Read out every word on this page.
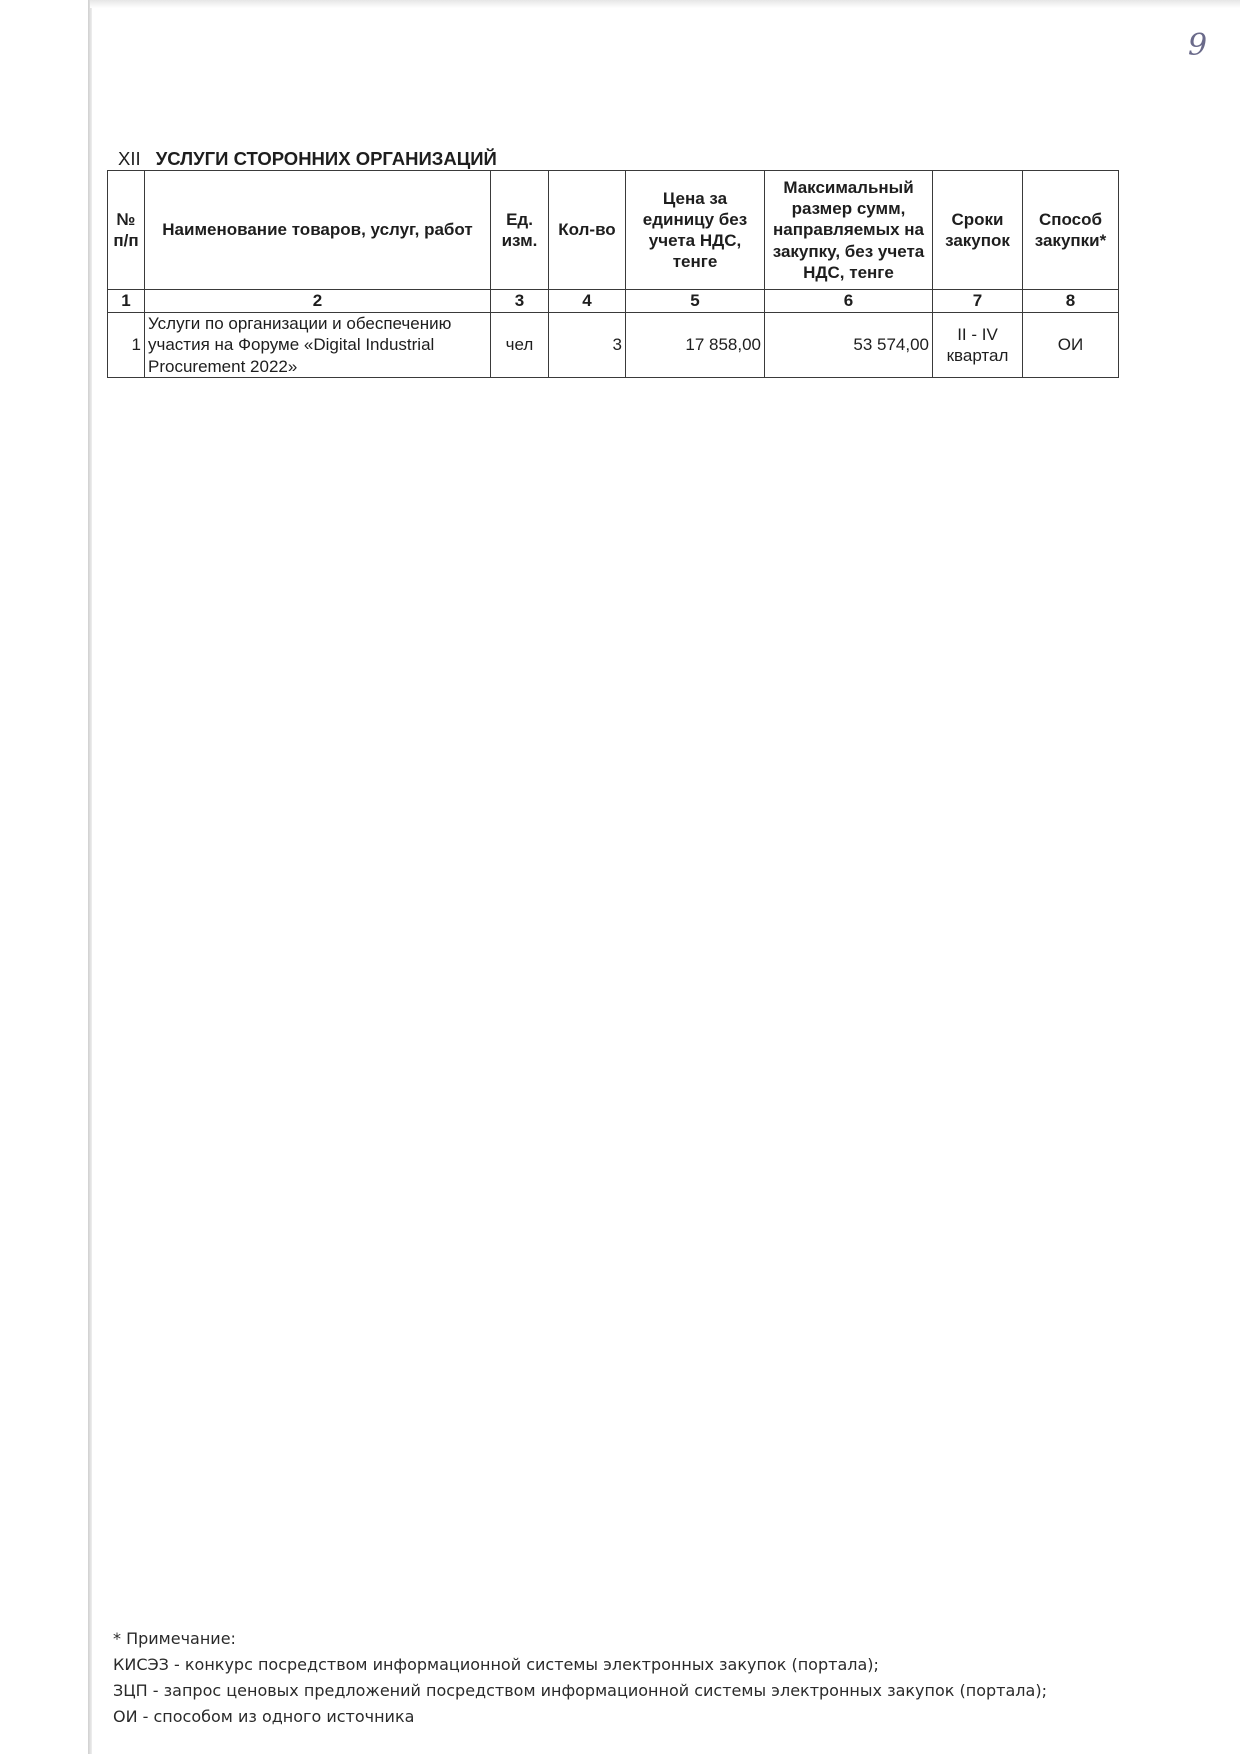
9
XII УСЛУГИ СТОРОННИХ ОРГАНИЗАЦИЙ
№ п/п	Наименование товаров, услуг, работ	Ед. изм.	Кол-во	Цена за единицу без учета НДС, тенге	Максимальный размер сумм, направляемых на закупку, без учета НДС, тенге	Сроки закупок	Способ закупки*
1	2	3	4	5	6	7	8
1	Услуги по организации и обеспечению участия на Форуме «Digital Industrial Procurement 2022»	чел	3	17 858,00	53 574,00	II - IV квартал	ОИ
* Примечание:
КИСЭЗ - конкурс посредством информационной системы электронных закупок (портала);
ЗЦП - запрос ценовых предложений посредством информационной системы электронных закупок (портала);
ОИ - способом из одного источника
